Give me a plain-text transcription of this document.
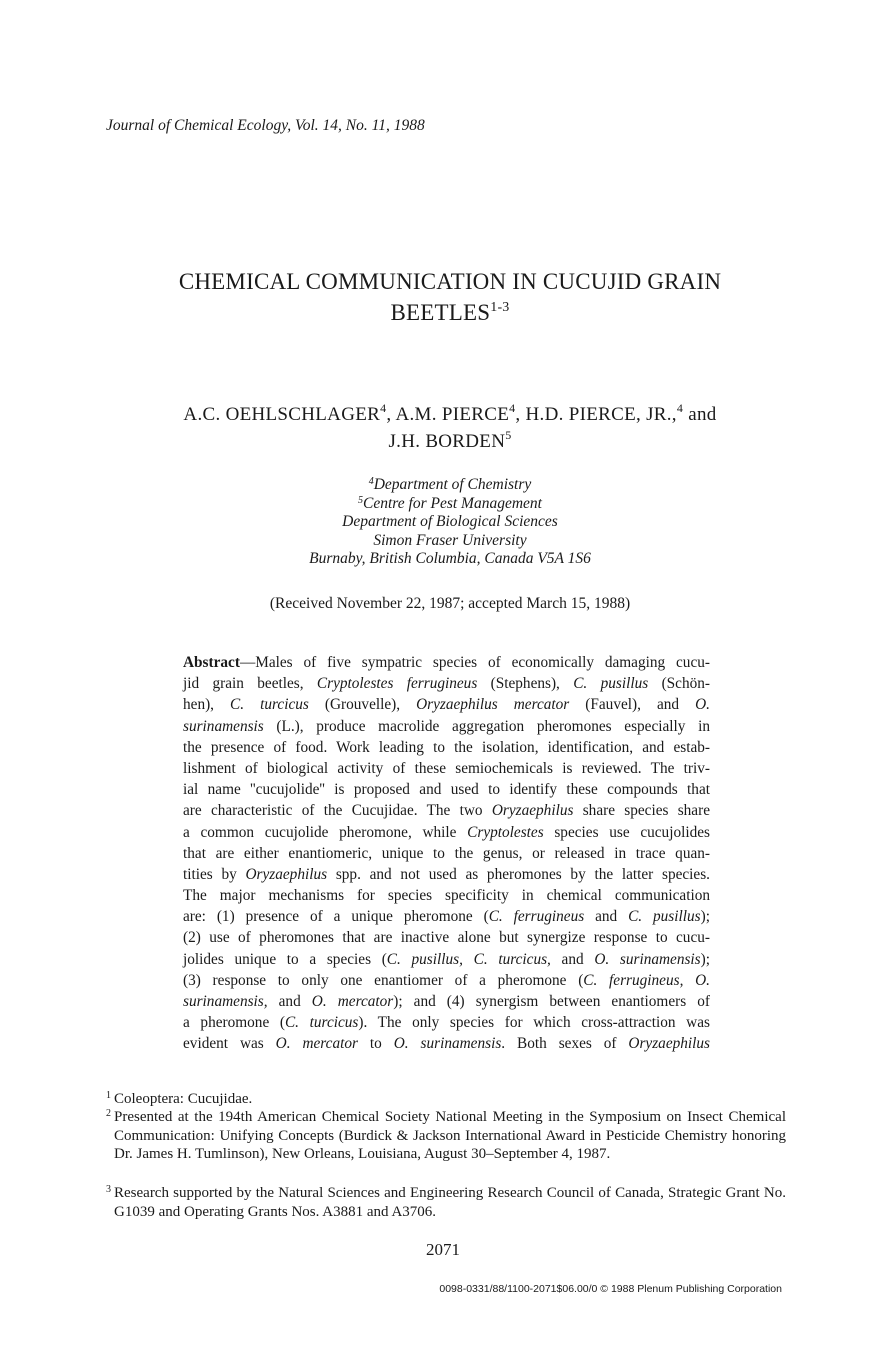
Journal of Chemical Ecology, Vol. 14, No. 11, 1988
CHEMICAL COMMUNICATION IN CUCUJID GRAIN
BEETLES$^{1-3}$
A.C. OEHLSCHLAGER$^4$, A.M. PIERCE$^4$, H.D. PIERCE, JR.,$^4$ and
J.H. BORDEN$^5$
$^4$Department of Chemistry
$^5$Centre for Pest Management
Department of Biological Sciences
Simon Fraser University
Burnaby, British Columbia, Canada V5A 1S6
(Received November 22, 1987; accepted March 15, 1988)
Abstract—Males of five sympatric species of economically damaging cucu-
jid grain beetles, Cryptolestes ferrugineus (Stephens), C. pusillus (Schön-
hen), C. turcicus (Grouvelle), Oryzaephilus mercator (Fauvel), and O.
surinamensis (L.), produce macrolide aggregation pheromones especially in
the presence of food. Work leading to the isolation, identification, and estab-
lishment of biological activity of these semiochemicals is reviewed. The triv-
ial name ''cucujolide'' is proposed and used to identify these compounds that
are characteristic of the Cucujidae. The two Oryzaephilus share species share
a common cucujolide pheromone, while Cryptolestes species use cucujolides
that are either enantiomeric, unique to the genus, or released in trace quan-
tities by Oryzaephilus spp. and not used as pheromones by the latter species.
The major mechanisms for species specificity in chemical communication
are: (1) presence of a unique pheromone (C. ferrugineus and C. pusillus);
(2) use of pheromones that are inactive alone but synergize response to cucu-
jolides unique to a species (C. pusillus, C. turcicus, and O. surinamensis);
(3) response to only one enantiomer of a pheromone (C. ferrugineus, O.
surinamensis, and O. mercator); and (4) synergism between enantiomers of
a pheromone (C. turcicus). The only species for which cross-attraction was
evident was O. mercator to O. surinamensis. Both sexes of Oryzaephilus
1 Coleoptera: Cucujidae.
2 Presented at the 194th American Chemical Society National Meeting in the Symposium on Insect Chemical Communication: Unifying Concepts (Burdick & Jackson International Award in Pesticide Chemistry honoring Dr. James H. Tumlinson), New Orleans, Louisiana, August 30–September 4, 1987.
3 Research supported by the Natural Sciences and Engineering Research Council of Canada, Strategic Grant No. G1039 and Operating Grants Nos. A3881 and A3706.
2071
0098-0331/88/1100-2071$06.00/0 © 1988 Plenum Publishing Corporation
